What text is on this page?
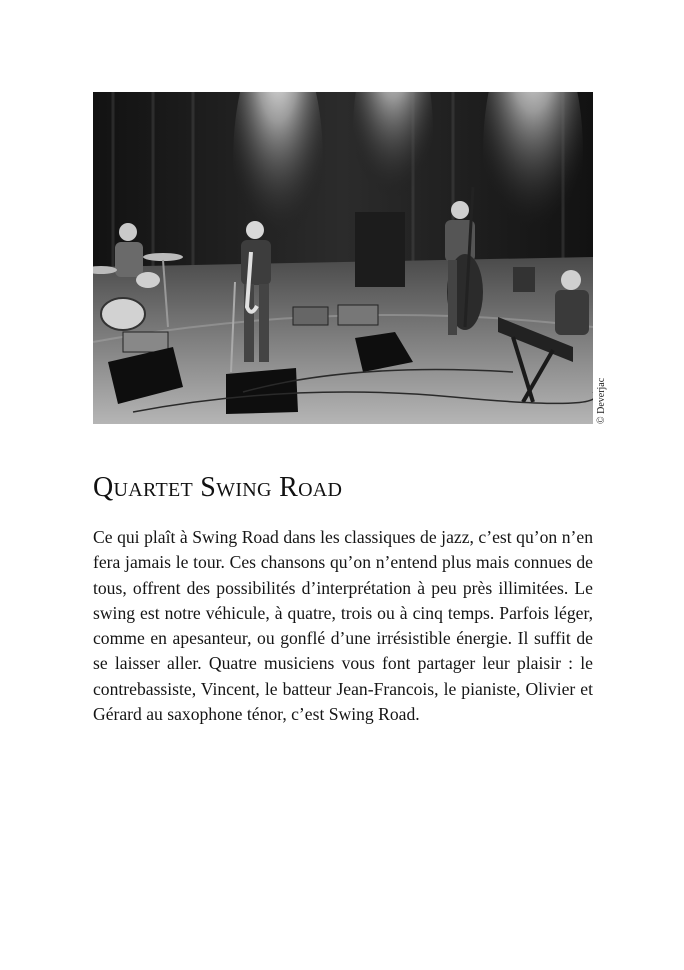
© Deverjac
Quartet Swing Road

Ce qui plaît à Swing Road dans les classiques de jazz, c’est qu’on n’en fera jamais le tour. Ces chansons qu’on n’entend plus mais connues de tous, offrent des possibilités d’interprétation à peu près illimitées. Le swing est notre véhicule, à quatre, trois ou à cinq temps. Parfois léger, comme en apesanteur, ou gonflé d’une irrésistible énergie. Il suffit de se laisser aller. Quatre musiciens vous font partager leur plaisir : le contrebassiste, Vincent, le batteur Jean-Francois, le pianiste, Olivier et Gérard au saxophone ténor, c’est Swing Road.
